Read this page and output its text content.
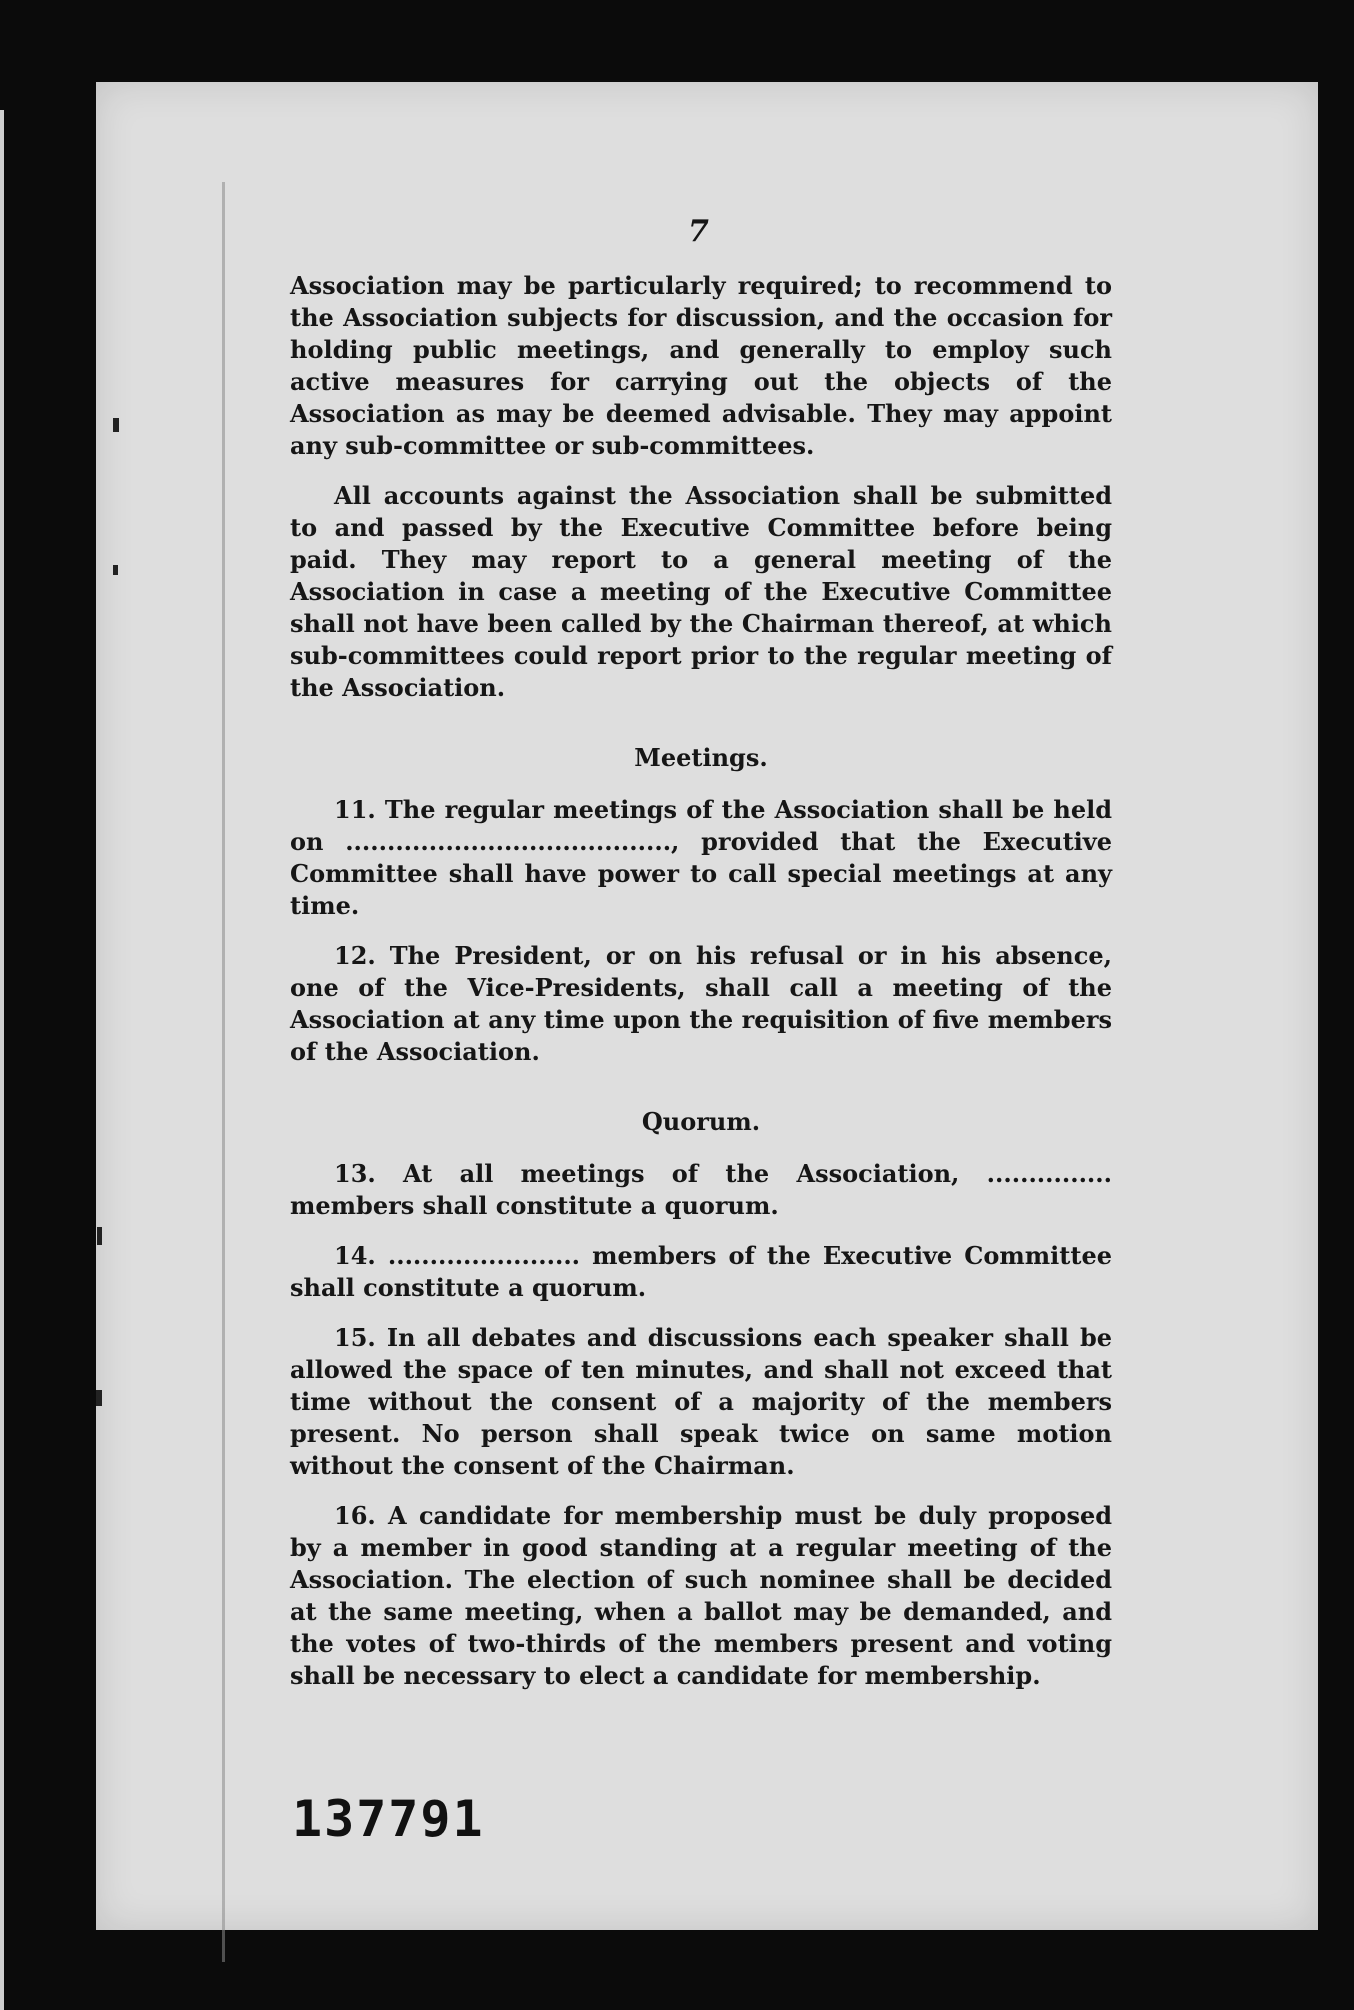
7

Association may be particularly required; to recommend to the Association subjects for discussion, and the occasion for holding public meetings, and generally to employ such active measures for carrying out the objects of the Association as may be deemed advisable. They may appoint any sub-committee or sub-committees.

All accounts against the Association shall be submitted to and passed by the Executive Committee before being paid. They may report to a general meeting of the Association in case a meeting of the Executive Committee shall not have been called by the Chairman thereof, at which sub-committees could report prior to the regular meeting of the Association.

Meetings.

11. The regular meetings of the Association shall be held on ......................................., provided that the Executive Committee shall have power to call special meetings at any time.

12. The President, or on his refusal or in his absence, one of the Vice-Presidents, shall call a meeting of the Association at any time upon the requisition of five members of the Association.

Quorum.

13. At all meetings of the Association, ............... members shall constitute a quorum.

14. ....................... members of the Executive Committee shall constitute a quorum.

15. In all debates and discussions each speaker shall be allowed the space of ten minutes, and shall not exceed that time without the consent of a majority of the members present. No person shall speak twice on same motion without the consent of the Chairman.

16. A candidate for membership must be duly proposed by a member in good standing at a regular meeting of the Association. The election of such nominee shall be decided at the same meeting, when a ballot may be demanded, and the votes of two-thirds of the members present and voting shall be necessary to elect a candidate for membership.

137791
